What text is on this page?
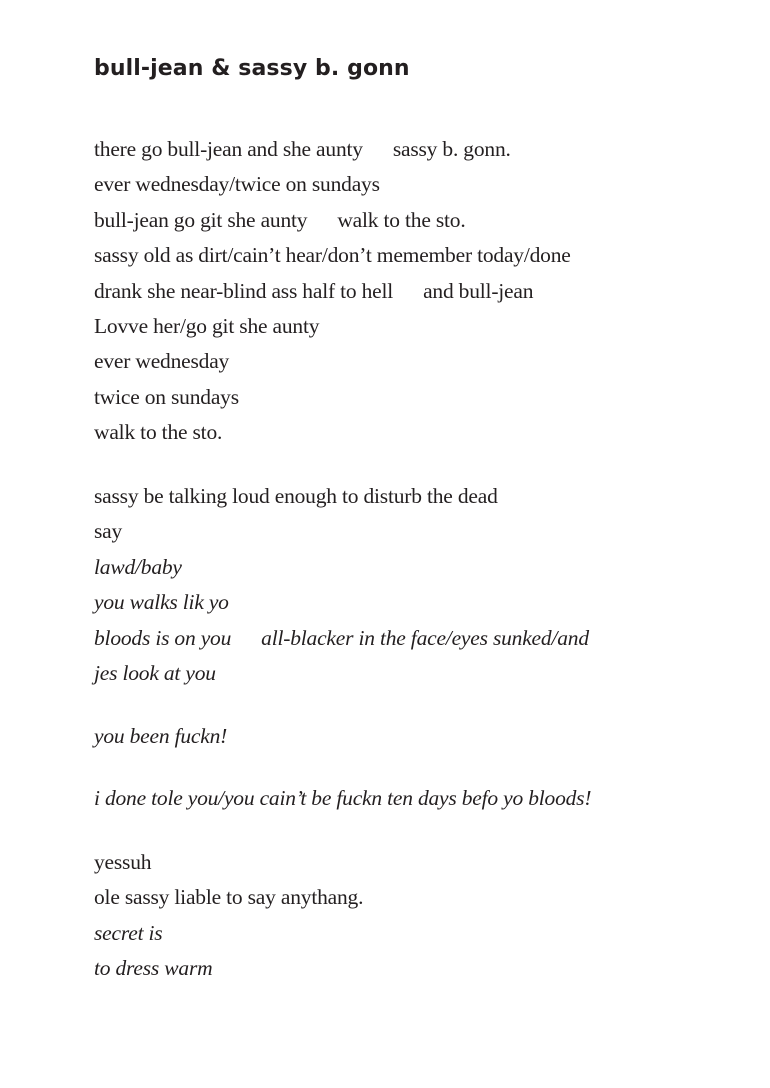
bull-jean & sassy b. gonn
there go bull-jean and she aunty sassy b. gonn.
ever wednesday/twice on sundays
bull-jean go git she aunty walk to the sto.
sassy old as dirt/cain’t hear/don’t memember today/done
drank she near-blind ass half to hell and bull-jean
Lovve her/go git she aunty
ever wednesday
twice on sundays
walk to the sto.
sassy be talking loud enough to disturb the dead
say
lawd/baby
you walks lik yo
bloods is on you all-blacker in the face/eyes sunked/and
jes look at you
you been fuckn!
i done tole you/you cain’t be fuckn ten days befo yo bloods!
yessuh
ole sassy liable to say anythang.
secret is
to dress warm
